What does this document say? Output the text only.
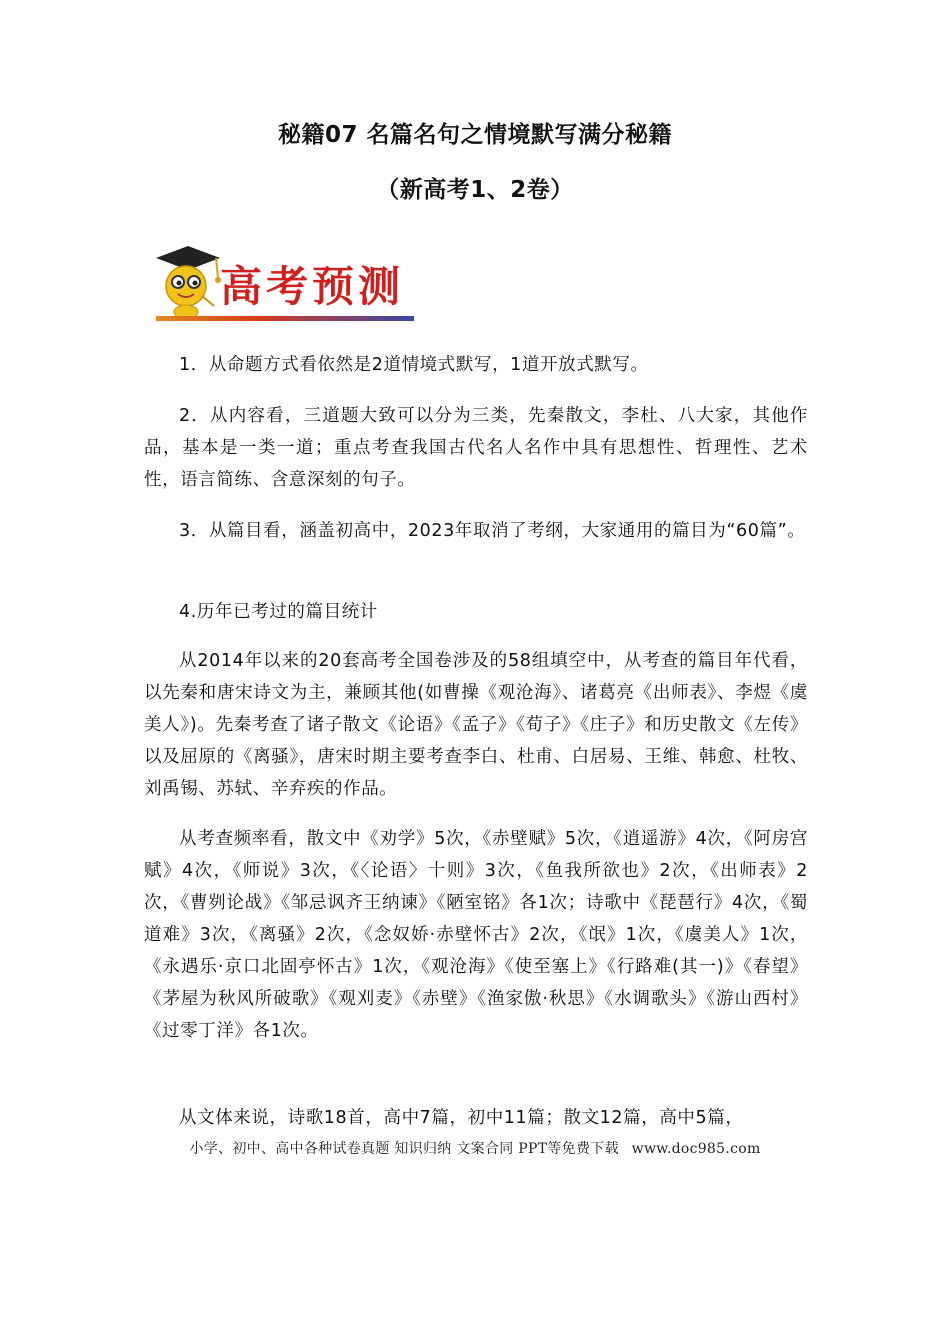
秘籍07 名篇名句之情境默写满分秘籍
（新高考1、2卷）
高考预测
1．从命题方式看依然是2道情境式默写，1道开放式默写。
2．从内容看，三道题大致可以分为三类，先秦散文，李杜、八大家，其他作品，基本是一类一道；重点考查我国古代名人名作中具有思想性、哲理性、艺术性，语言简练、含意深刻的句子。
3．从篇目看，涵盖初高中，2023年取消了考纲，大家通用的篇目为“60篇”。
4.历年已考过的篇目统计
从2014年以来的20套高考全国卷涉及的58组填空中，从考查的篇目年代看，以先秦和唐宋诗文为主，兼顾其他(如曹操《观沧海》、诸葛亮《出师表》、李煜《虞美人》)。先秦考查了诸子散文《论语》《孟子》《荀子》《庄子》和历史散文《左传》以及屈原的《离骚》，唐宋时期主要考查李白、杜甫、白居易、王维、韩愈、杜牧、刘禹锡、苏轼、辛弃疾的作品。
从考查频率看，散文中《劝学》5次，《赤壁赋》5次，《逍遥游》4次，《阿房宫赋》4次，《师说》3次，《〈论语〉十则》3次，《鱼我所欲也》2次，《出师表》2次，《曹刿论战》《邹忌讽齐王纳谏》《陋室铭》各1次；诗歌中《琵琶行》4次，《蜀道难》3次，《离骚》2次，《念奴娇·赤壁怀古》2次，《氓》1次，《虞美人》1次，《永遇乐·京口北固亭怀古》1次，《观沧海》《使至塞上》《行路难(其一)》《春望》《茅屋为秋风所破歌》《观刈麦》《赤壁》《渔家傲·秋思》《水调歌头》《游山西村》《过零丁洋》各1次。
从文体来说，诗歌18首，高中7篇，初中11篇；散文12篇，高中5篇，
小学、初中、高中各种试卷真题 知识归纳 文案合同 PPT等免费下载 www.doc985.com
